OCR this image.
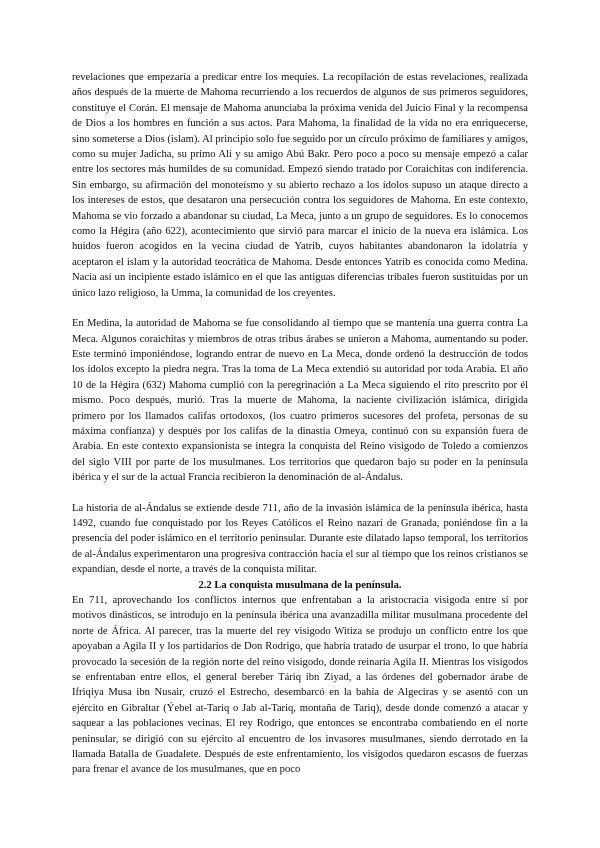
revelaciones que empezaría a predicar entre los mequíes. La recopilación de estas revelaciones, realizada años después de la muerte de Mahoma recurriendo a los recuerdos de algunos de sus primeros seguidores, constituye el Corán. El mensaje de Mahoma anunciaba la próxima venida del Juicio Final y la recompensa de Dios a los hombres en función a sus actos. Para Mahoma, la finalidad de la vida no era enriquecerse, sino someterse a Dios (islam). Al principio solo fue seguido por un círculo próximo de familiares y amigos, como su mujer Jadicha, su primo Alí y su amigo Abú Bakr. Pero poco a poco su mensaje empezó a calar entre los sectores más humildes de su comunidad. Empezó siendo tratado por Coraichitas con indiferencia. Sin embargo, su afirmación del monoteísmo y su abierto rechazo a los ídolos supuso un ataque directo a los intereses de estos, que desataron una persecución contra los seguidores de Mahoma. En este contexto, Mahoma se vio forzado a abandonar su ciudad, La Meca, junto a un grupo de seguidores. Es lo conocemos como la Hégira (año 622), acontecimiento que sirvió para marcar el inicio de la nueva era islámica. Los huidos fueron acogidos en la vecina ciudad de Yatrib, cuyos habitantes abandonaron la idolatría y aceptaron el islam y la autoridad teocrática de Mahoma. Desde entonces Yatrib es conocida como Medina. Nacía así un incipiente estado islámico en el que las antiguas diferencias tribales fueron sustituidas por un único lazo religioso, la Umma, la comunidad de los creyentes.

En Medina, la autoridad de Mahoma se fue consolidando al tiempo que se mantenía una guerra contra La Meca. Algunos coraichitas y miembros de otras tribus árabes se unieron a Mahoma, aumentando su poder. Este terminó imponiéndose, logrando entrar de nuevo en La Meca, donde ordenó la destrucción de todos los ídolos excepto la piedra negra. Tras la toma de La Meca extendió su autoridad por toda Arabia. El año 10 de la Hégira (632) Mahoma cumplió con la peregrinación a La Meca siguiendo el rito prescrito por él mismo. Poco después, murió. Tras la muerte de Mahoma, la naciente civilización islámica, dirigida primero por los llamados califas ortodoxos, (los cuatro primeros sucesores del profeta, personas de su máxima confianza) y después por los califas de la dinastía Omeya, continuó con su expansión fuera de Arabia. En este contexto expansionista se integra la conquista del Reino visigodo de Toledo a comienzos del siglo VIII por parte de los musulmanes. Los territorios que quedaron bajo su poder en la península ibérica y el sur de la actual Francia recibieron la denominación de al-Ándalus.

La historia de al-Ándalus se extiende desde 711, año de la invasión islámica de la península ibérica, hasta 1492, cuando fue conquistado por los Reyes Católicos el Reino nazarí de Granada, poniéndose fin a la presencia del poder islámico en el territorio peninsular. Durante este dilatado lapso temporal, los territorios de al-Ándalus experimentaron una progresiva contracción hacia el sur al tiempo que los reinos cristianos se expandían, desde el norte, a través de la conquista militar.

2.2 La conquista musulmana de la península.

En 711, aprovechando los conflictos internos que enfrentaban a la aristocracia visigoda entre sí por motivos dinásticos, se introdujo en la península ibérica una avanzadilla militar musulmana procedente del norte de África. Al parecer, tras la muerte del rey visigodo Witiza se produjo un conflicto entre los que apoyaban a Agila II y los partidarios de Don Rodrigo, que habría tratado de usurpar el trono, lo que habría provocado la secesión de la región norte del reino visigodo, donde reinaría Agila II. Mientras los visigodos se enfrentaban entre ellos, el general bereber Táriq ibn Ziyad, a las órdenes del gobernador árabe de Ifriqiya Musa ibn Nusair, cruzó el Estrecho, desembarcó en la bahía de Algeciras y se asentó con un ejército en Gibraltar (Ýebel at-Tariq o Jab al-Tariq, montaña de Tariq), desde donde comenzó a atacar y saquear a las poblaciones vecinas. El rey Rodrigo, que entonces se encontraba combatiendo en el norte peninsular, se dirigió con su ejército al encuentro de los invasores musulmanes, siendo derrotado en la llamada Batalla de Guadalete. Después de este enfrentamiento, los visigodos quedaron escasos de fuerzas para frenar el avance de los musulmanes, que en poco
